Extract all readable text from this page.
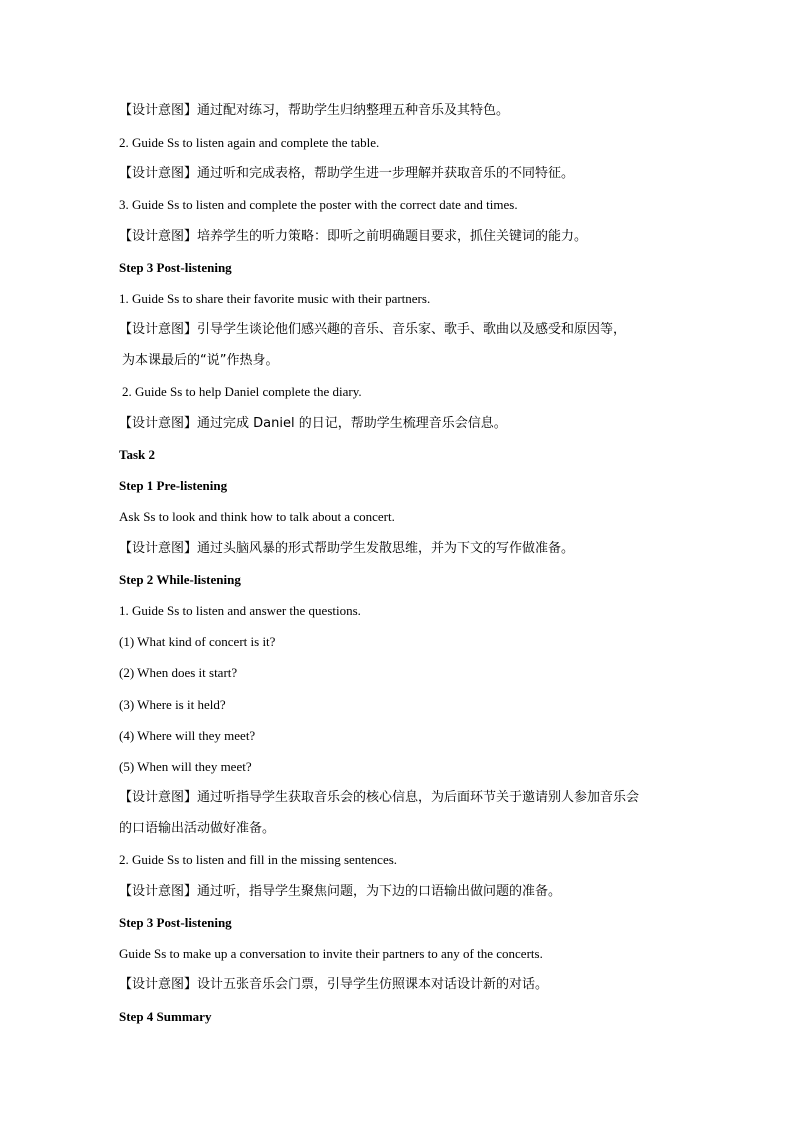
【设计意图】通过配对练习，帮助学生归纳整理五种音乐及其特色。
2. Guide Ss to listen again and complete the table.
【设计意图】通过听和完成表格，帮助学生进一步理解并获取音乐的不同特征。
3. Guide Ss to listen and complete the poster with the correct date and times.
【设计意图】培养学生的听力策略：即听之前明确题目要求，抓住关键词的能力。
Step 3 Post-listening
1. Guide Ss to share their favorite music with their partners.
【设计意图】引导学生谈论他们感兴趣的音乐、音乐家、歌手、歌曲以及感受和原因等，
为本课最后的“说”作热身。
2. Guide Ss to help Daniel complete the diary.
【设计意图】通过完成 Daniel 的日记，帮助学生梳理音乐会信息。
Task 2
Step 1 Pre-listening
Ask Ss to look and think how to talk about a concert.
【设计意图】通过头脑风暴的形式帮助学生发散思维，并为下文的写作做准备。
Step 2 While-listening
1. Guide Ss to listen and answer the questions.
(1) What kind of concert is it?
(2) When does it start?
(3) Where is it held?
(4) Where will they meet?
(5) When will they meet?
【设计意图】通过听指导学生获取音乐会的核心信息，为后面环节关于邀请别人参加音乐会
的口语输出活动做好准备。
2. Guide Ss to listen and fill in the missing sentences.
【设计意图】通过听，指导学生聚焦问题，为下边的口语输出做问题的准备。
Step 3 Post-listening
Guide Ss to make up a conversation to invite their partners to any of the concerts.
【设计意图】设计五张音乐会门票，引导学生仿照课本对话设计新的对话。
Step 4 Summary
